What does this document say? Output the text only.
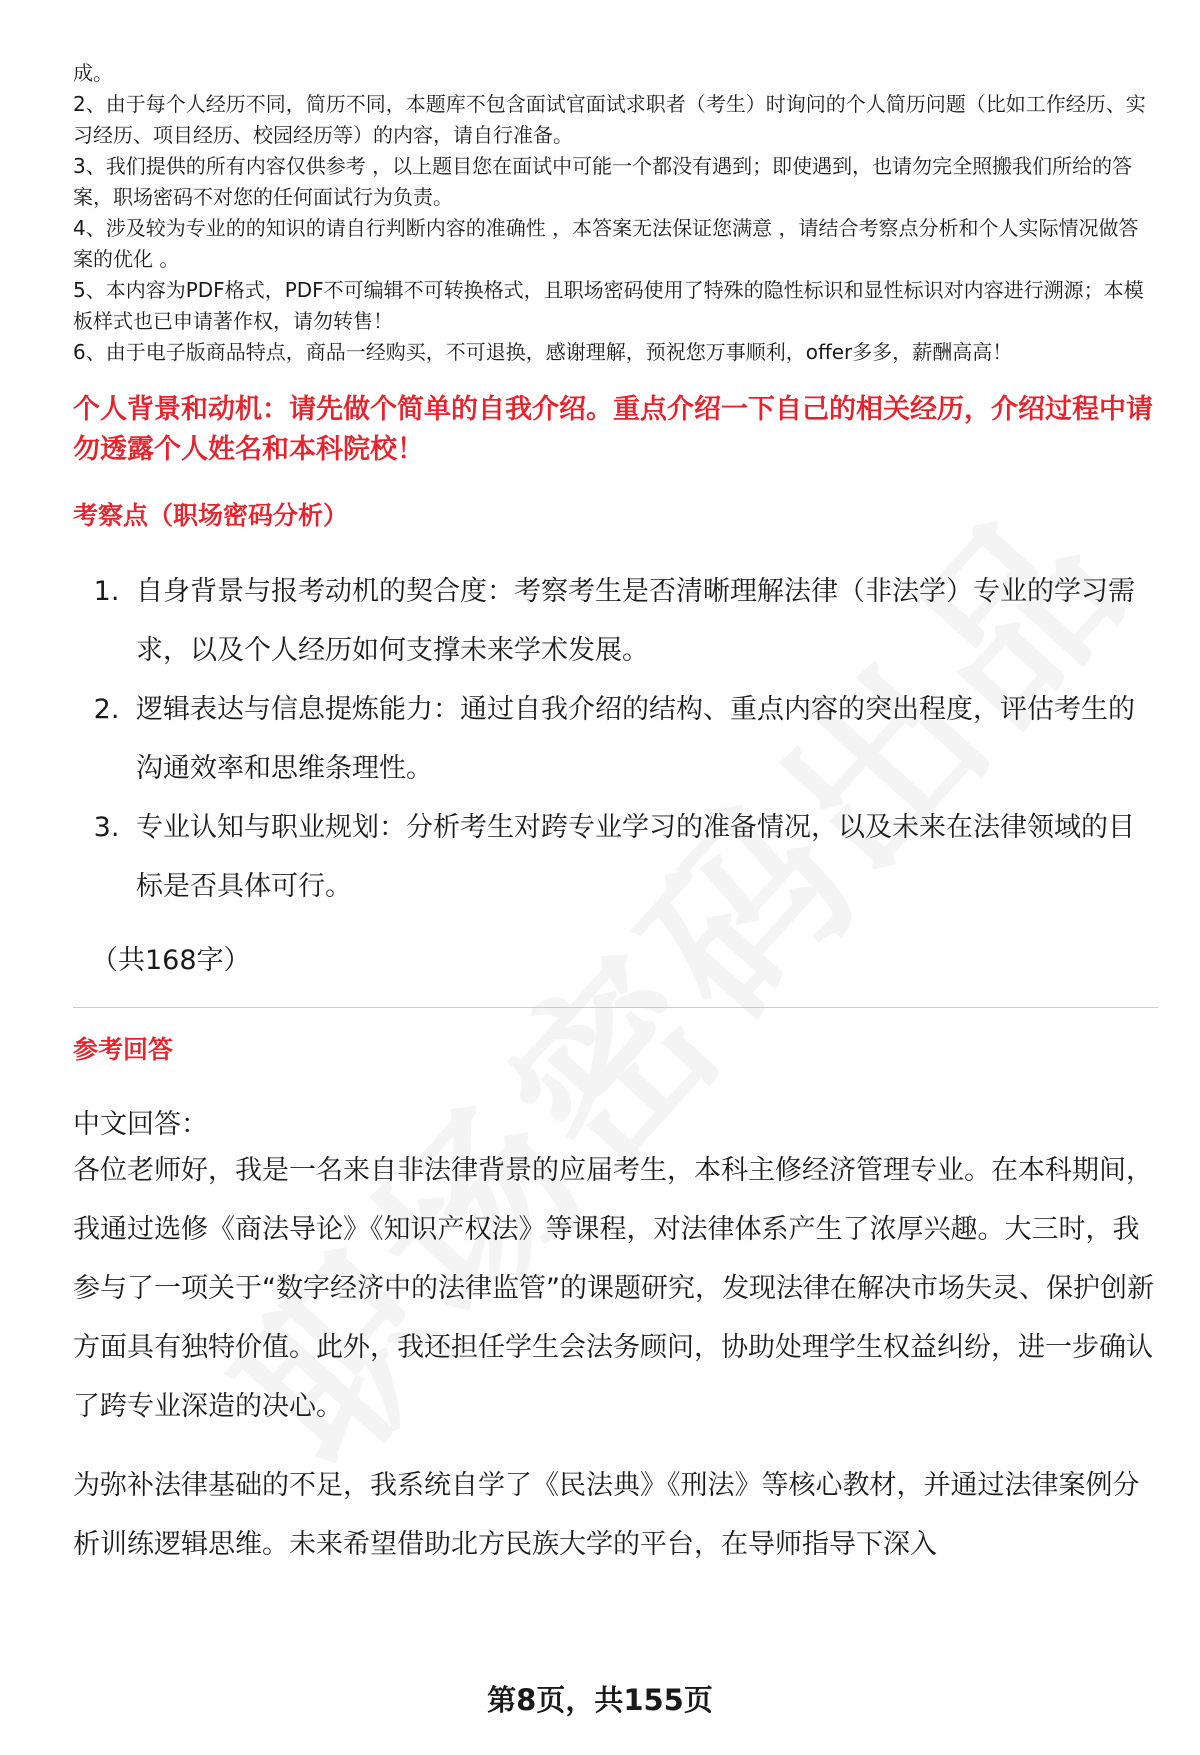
成。

2、由于每个人经历不同，简历不同，本题库不包含面试官面试求职者（考生）时询问的个人简历问题（比如工作经历、实习经历、项目经历、校园经历等）的内容，请自行准备。

3、我们提供的所有内容仅供参考 ，以上题目您在面试中可能一个都没有遇到；即使遇到，也请勿完全照搬我们所给的答案，职场密码不对您的任何面试行为负责。

4、涉及较为专业的的知识的请自行判断内容的准确性 ，本答案无法保证您满意 ，请结合考察点分析和个人实际情况做答案的优化 。

5、本内容为PDF格式，PDF不可编辑不可转换格式，且职场密码使用了特殊的隐性标识和显性标识对内容进行溯源；本模板样式也已申请著作权，请勿转售！

6、由于电子版商品特点，商品一经购买，不可退换，感谢理解，预祝您万事顺利，offer多多，薪酬高高！

个人背景和动机：请先做个简单的自我介绍。重点介绍一下自己的相关经历，介绍过程中请勿透露个人姓名和本科院校！
考察点（职场密码分析）
1. 自身背景与报考动机的契合度：考察考生是否清晰理解法律（非法学）专业的学习需求，以及个人经历如何支撑未来学术发展。
2. 逻辑表达与信息提炼能力：通过自我介绍的结构、重点内容的突出程度，评估考生的沟通效率和思维条理性。
3. 专业认知与职业规划：分析考生对跨专业学习的准备情况，以及未来在法律领域的目标是否具体可行。
（共168字）
参考回答
中文回答：

各位老师好，我是一名来自非法律背景的应届考生，本科主修经济管理专业。在本科期间，我通过选修《商法导论》《知识产权法》等课程，对法律体系产生了浓厚兴趣。大三时，我参与了一项关于“数字经济中的法律监管”的课题研究，发现法律在解决市场失灵、保护创新方面具有独特价值。此外，我还担任学生会法务顾问，协助处理学生权益纠纷，进一步确认了跨专业深造的决心。

为弥补法律基础的不足，我系统自学了《民法典》《刑法》等核心教材，并通过法律案例分析训练逻辑思维。未来希望借助北方民族大学的平台，在导师指导下深入

第8页，共155页
